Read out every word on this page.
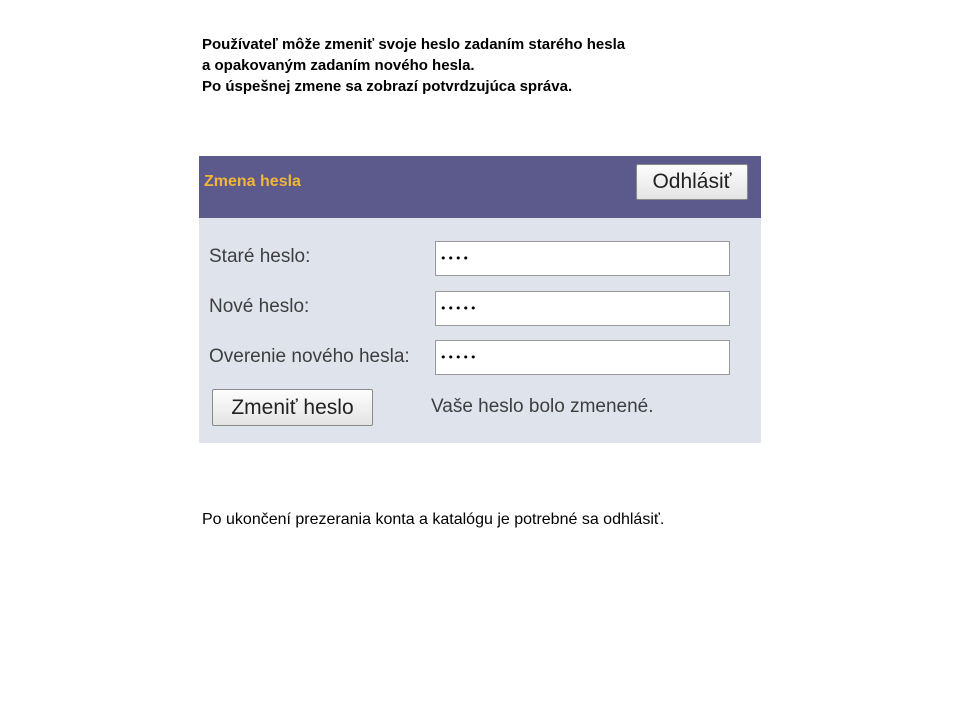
Používateľ môže zmeniť svoje heslo zadaním starého hesla
a opakovaným zadaním nového hesla.
Po úspešnej zmene sa zobrazí potvrdzujúca správa.
Zmena hesla	Odhlásiť
Staré heslo:
••••
Nové heslo:
•••••
Overenie nového hesla:
•••••
Zmeniť heslo	Vaše heslo bolo zmenené.
Po ukončení prezerania konta a katalógu je potrebné sa odhlásiť.
